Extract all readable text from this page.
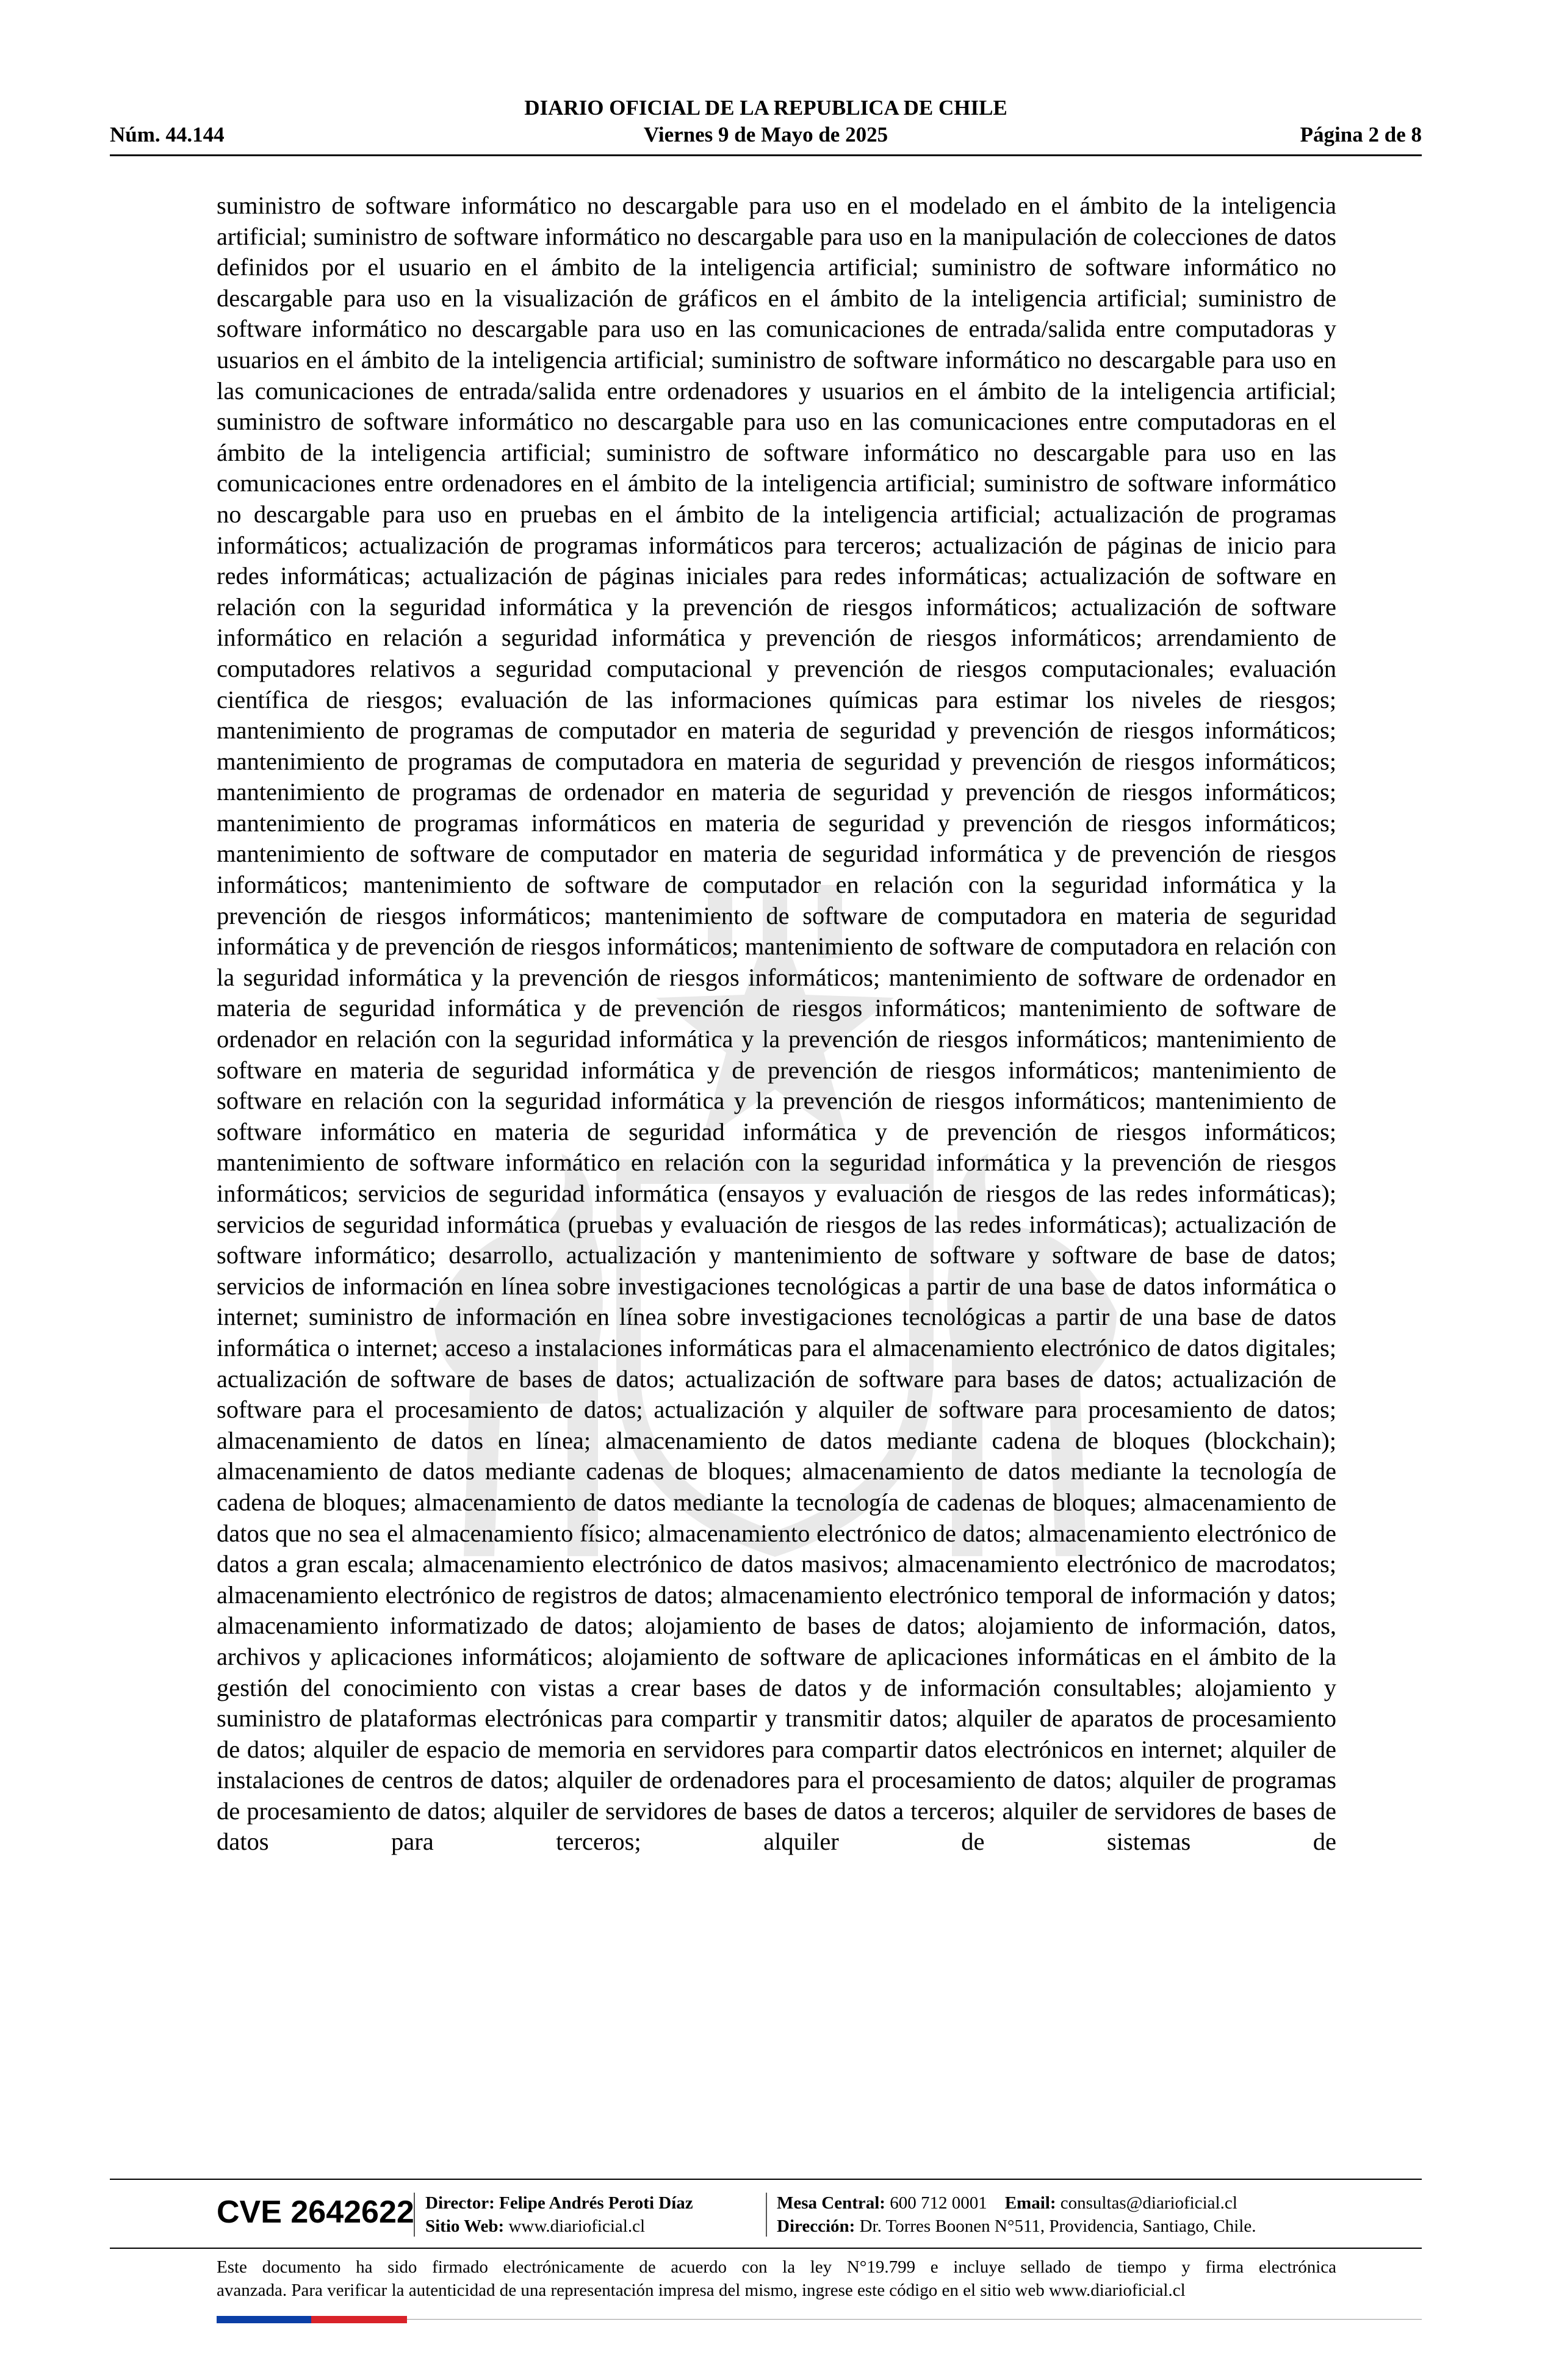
DIARIO OFICIAL DE LA REPUBLICA DE CHILE
Núm. 44.144	Viernes 9 de Mayo de 2025	Página 2 de 8
suministro de software informático no descargable para uso en el modelado en el ámbito de la inteligencia artificial; suministro de software informático no descargable para uso en la manipulación de colecciones de datos definidos por el usuario en el ámbito de la inteligencia artificial; suministro de software informático no descargable para uso en la visualización de gráficos en el ámbito de la inteligencia artificial; suministro de software informático no descargable para uso en las comunicaciones de entrada/salida entre computadoras y usuarios en el ámbito de la inteligencia artificial; suministro de software informático no descargable para uso en las comunicaciones de entrada/salida entre ordenadores y usuarios en el ámbito de la inteligencia artificial; suministro de software informático no descargable para uso en las comunicaciones entre computadoras en el ámbito de la inteligencia artificial; suministro de software informático no descargable para uso en las comunicaciones entre ordenadores en el ámbito de la inteligencia artificial; suministro de software informático no descargable para uso en pruebas en el ámbito de la inteligencia artificial; actualización de programas informáticos; actualización de programas informáticos para terceros; actualización de páginas de inicio para redes informáticas; actualización de páginas iniciales para redes informáticas; actualización de software en relación con la seguridad informática y la prevención de riesgos informáticos; actualización de software informático en relación a seguridad informática y prevención de riesgos informáticos; arrendamiento de computadores relativos a seguridad computacional y prevención de riesgos computacionales; evaluación científica de riesgos; evaluación de las informaciones químicas para estimar los niveles de riesgos; mantenimiento de programas de computador en materia de seguridad y prevención de riesgos informáticos; mantenimiento de programas de computadora en materia de seguridad y prevención de riesgos informáticos; mantenimiento de programas de ordenador en materia de seguridad y prevención de riesgos informáticos; mantenimiento de programas informáticos en materia de seguridad y prevención de riesgos informáticos; mantenimiento de software de computador en materia de seguridad informática y de prevención de riesgos informáticos; mantenimiento de software de computador en relación con la seguridad informática y la prevención de riesgos informáticos; mantenimiento de software de computadora en materia de seguridad informática y de prevención de riesgos informáticos; mantenimiento de software de computadora en relación con la seguridad informática y la prevención de riesgos informáticos; mantenimiento de software de ordenador en materia de seguridad informática y de prevención de riesgos informáticos; mantenimiento de software de ordenador en relación con la seguridad informática y la prevención de riesgos informáticos; mantenimiento de software en materia de seguridad informática y de prevención de riesgos informáticos; mantenimiento de software en relación con la seguridad informática y la prevención de riesgos informáticos; mantenimiento de software informático en materia de seguridad informática y de prevención de riesgos informáticos; mantenimiento de software informático en relación con la seguridad informática y la prevención de riesgos informáticos; servicios de seguridad informática (ensayos y evaluación de riesgos de las redes informáticas); servicios de seguridad informática (pruebas y evaluación de riesgos de las redes informáticas); actualización de software informático; desarrollo, actualización y mantenimiento de software y software de base de datos; servicios de información en línea sobre investigaciones tecnológicas a partir de una base de datos informática o internet; suministro de información en línea sobre investigaciones tecnológicas a partir de una base de datos informática o internet; acceso a instalaciones informáticas para el almacenamiento electrónico de datos digitales; actualización de software de bases de datos; actualización de software para bases de datos; actualización de software para el procesamiento de datos; actualización y alquiler de software para procesamiento de datos; almacenamiento de datos en línea; almacenamiento de datos mediante cadena de bloques (blockchain); almacenamiento de datos mediante cadenas de bloques; almacenamiento de datos mediante la tecnología de cadena de bloques; almacenamiento de datos mediante la tecnología de cadenas de bloques; almacenamiento de datos que no sea el almacenamiento físico; almacenamiento electrónico de datos; almacenamiento electrónico de datos a gran escala; almacenamiento electrónico de datos masivos; almacenamiento electrónico de macrodatos; almacenamiento electrónico de registros de datos; almacenamiento electrónico temporal de información y datos; almacenamiento informatizado de datos; alojamiento de bases de datos; alojamiento de información, datos, archivos y aplicaciones informáticos; alojamiento de software de aplicaciones informáticas en el ámbito de la gestión del conocimiento con vistas a crear bases de datos y de información consultables; alojamiento y suministro de plataformas electrónicas para compartir y transmitir datos; alquiler de aparatos de procesamiento de datos; alquiler de espacio de memoria en servidores para compartir datos electrónicos en internet; alquiler de instalaciones de centros de datos; alquiler de ordenadores para el procesamiento de datos; alquiler de programas de procesamiento de datos; alquiler de servidores de bases de datos a terceros; alquiler de servidores de bases de datos para terceros; alquiler de sistemas de
CVE 2642622 Director: Felipe Andrés Peroti Díaz
Sitio Web: www.diarioficial.cl
Mesa Central: 600 712 0001 Email: consultas@diarioficial.cl
Dirección: Dr. Torres Boonen N°511, Providencia, Santiago, Chile.
Este documento ha sido firmado electrónicamente de acuerdo con la ley N°19.799 e incluye sellado de tiempo y firma electrónica
avanzada. Para verificar la autenticidad de una representación impresa del mismo, ingrese este código en el sitio web www.diarioficial.cl
